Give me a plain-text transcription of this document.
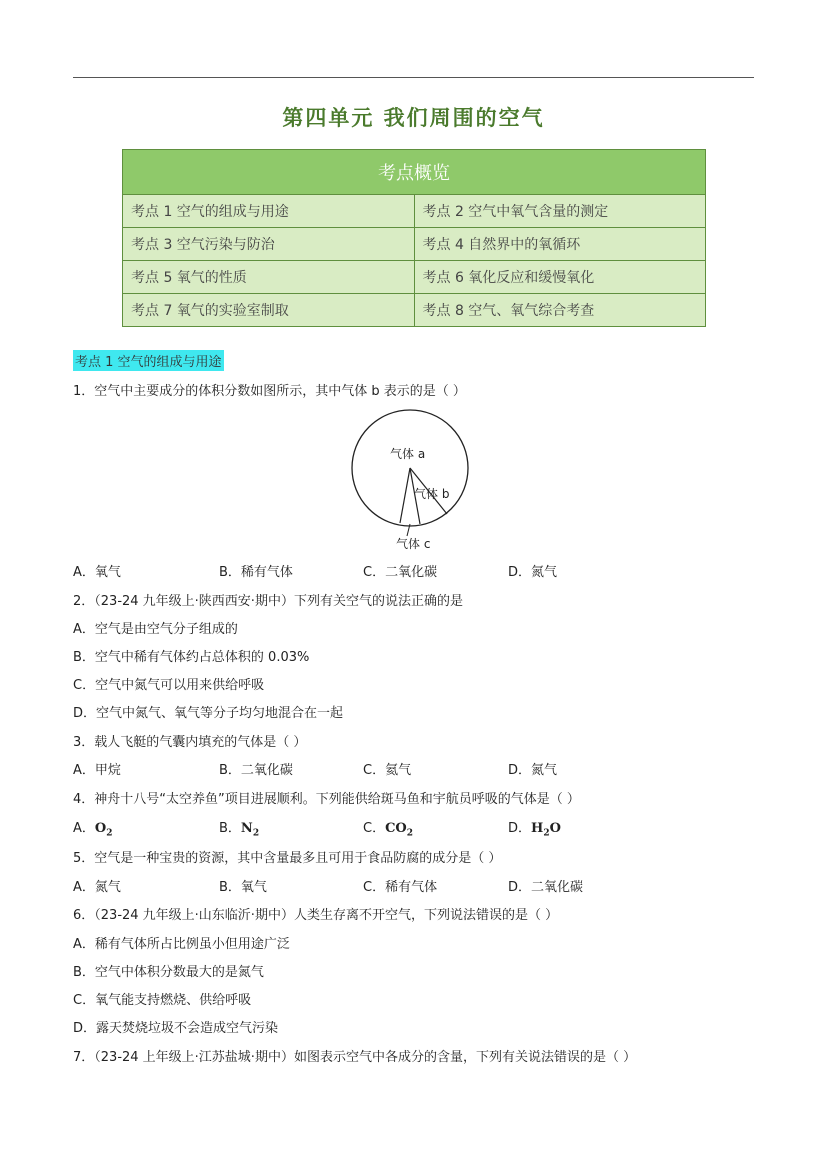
第四单元 我们周围的空气
考点概览	
考点 1 空气的组成与用途	考点 2 空气中氧气含量的测定
考点 3 空气污染与防治	考点 4 自然界中的氧循环
考点 5 氧气的性质	考点 6 氧化反应和缓慢氧化
考点 7 氧气的实验室制取	考点 8 空气、氧气综合考查
考点 1 空气的组成与用途
1．空气中主要成分的体积分数如图所示，其中气体 b 表示的是（ ）
气体 a
气体 b
气体 c
A．氧气	B．稀有气体	C．二氧化碳	D．氮气
2．（23-24 九年级上·陕西西安·期中）下列有关空气的说法正确的是
A．空气是由空气分子组成的
B．空气中稀有气体约占总体积的 0.03%
C．空气中氮气可以用来供给呼吸
D．空气中氮气、氧气等分子均匀地混合在一起
3．载人飞艇的气囊内填充的气体是（ ）
A．甲烷	B．二氧化碳	C．氦气	D．氮气
4．神舟十八号“太空养鱼”项目进展顺利。下列能供给斑马鱼和宇航员呼吸的气体是（ ）
A．$O_2$	B．$N_2$	C．$CO_2$	D．$H_2O$
5．空气是一种宝贵的资源，其中含量最多且可用于食品防腐的成分是（ ）
A．氮气	B．氧气	C．稀有气体	D．二氧化碳
6．（23-24 九年级上·山东临沂·期中）人类生存离不开空气，下列说法错误的是（ ）
A．稀有气体所占比例虽小但用途广泛
B．空气中体积分数最大的是氮气
C．氧气能支持燃烧、供给呼吸
D．露天焚烧垃圾不会造成空气污染
7．（23-24 上年级上·江苏盐城·期中）如图表示空气中各成分的含量，下列有关说法错误的是（ ）
